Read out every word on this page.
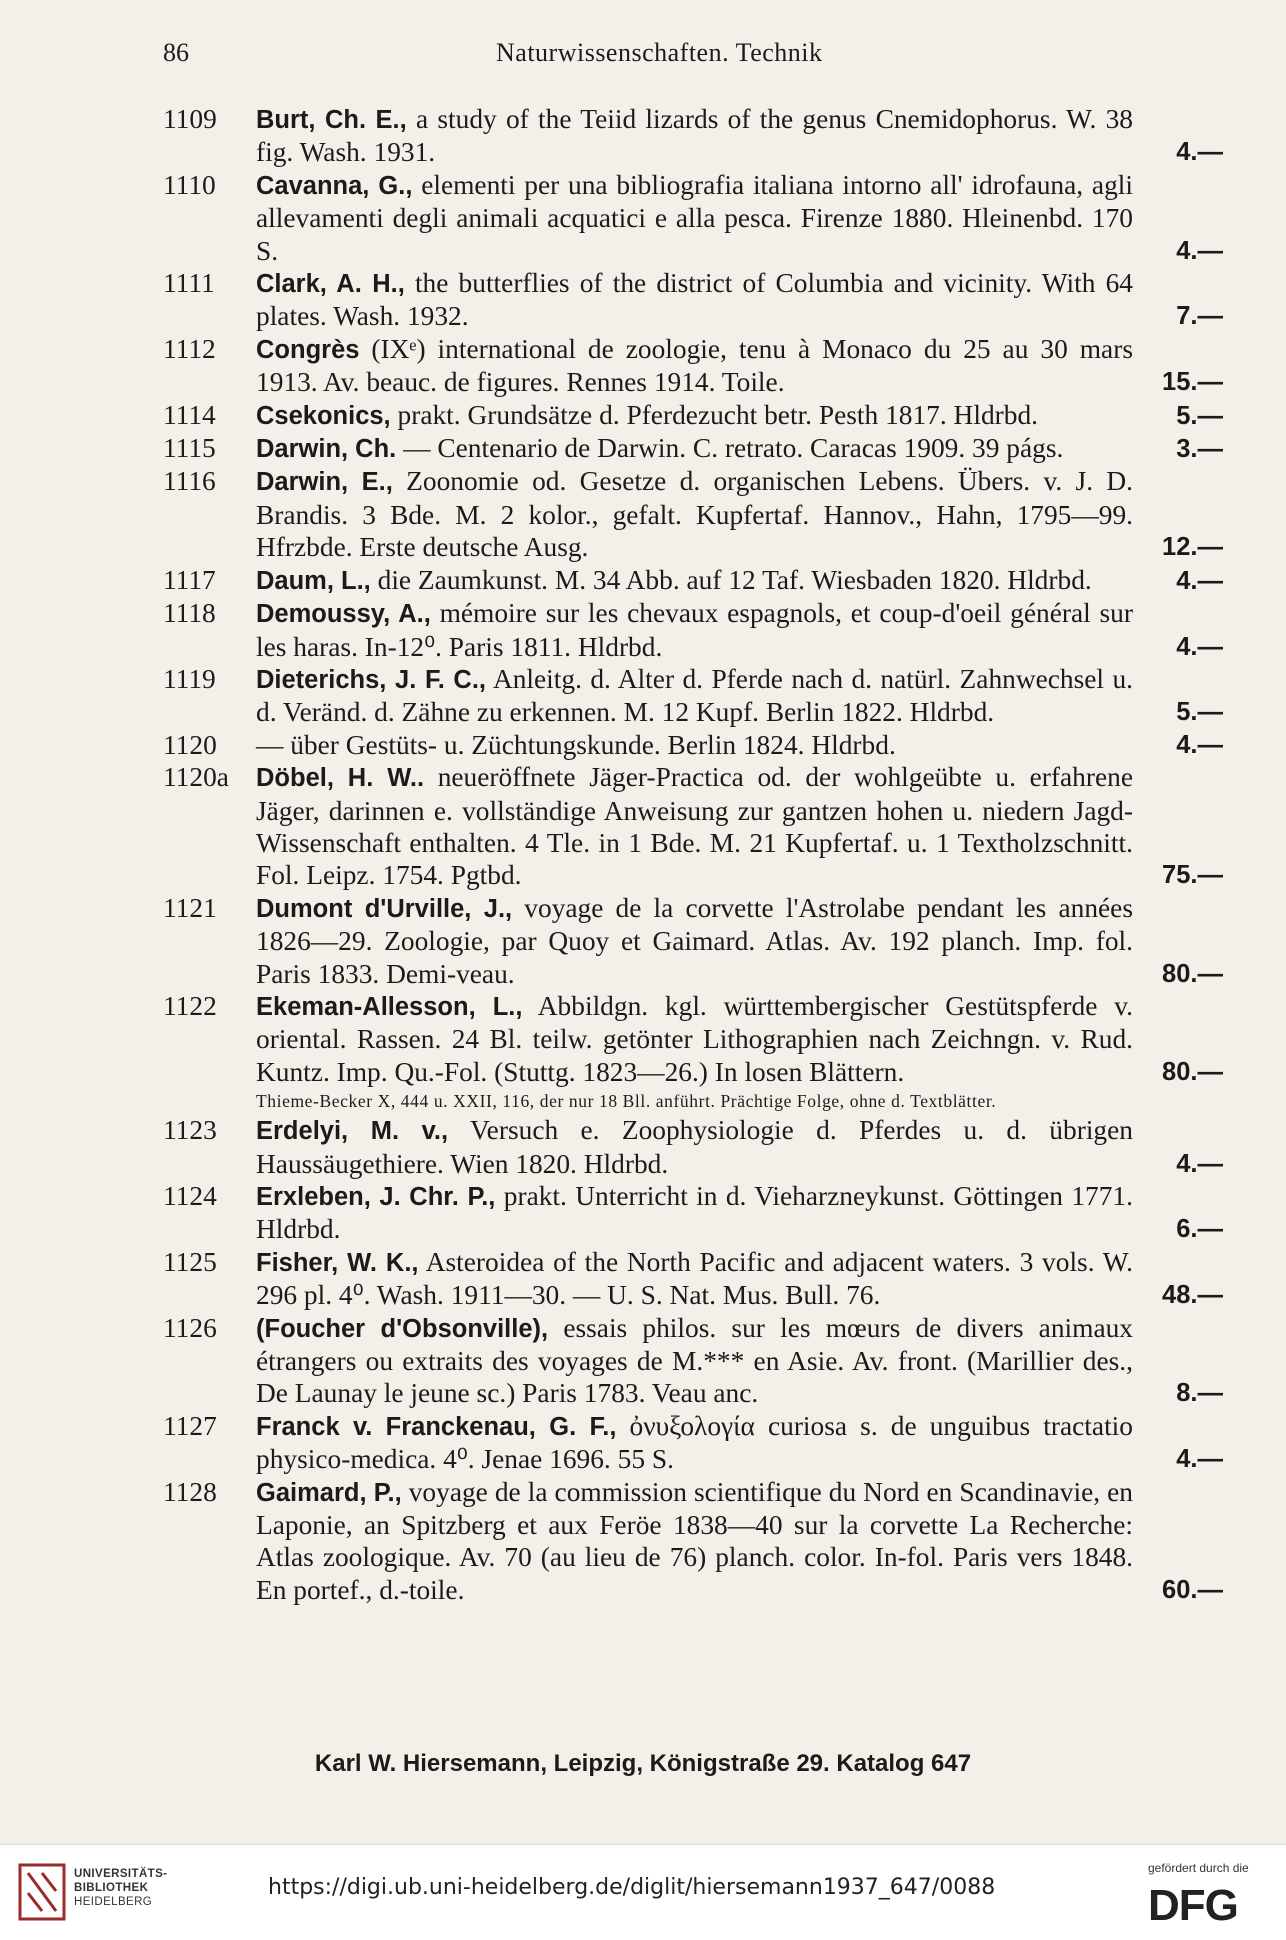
86	Naturwissenschaften. Technik
1109 Burt, Ch. E., a study of the Teiid lizards of the genus Cnemidophorus. W. 38 fig. Wash. 1931.	4.—
1110 Cavanna, G., elementi per una bibliografia italiana intorno all' idrofauna, agli allevamenti degli animali acquatici e alla pesca. Firenze 1880. Hleinenbd. 170 S.	4.—
1111 Clark, A. H., the butterflies of the district of Columbia and vicinity. With 64 plates. Wash. 1932.	7.—
1112 Congrès (IXᵉ) international de zoologie, tenu à Monaco du 25 au 30 mars 1913. Av. beauc. de figures. Rennes 1914. Toile.	15.—
1114 Csekonics, prakt. Grundsätze d. Pferdezucht betr. Pesth 1817. Hldrbd.	5.—
1115 Darwin, Ch. — Centenario de Darwin. C. retrato. Caracas 1909. 39 págs.	3.—
1116 Darwin, E., Zoonomie od. Gesetze d. organischen Lebens. Übers. v. J. D. Brandis. 3 Bde. M. 2 kolor., gefalt. Kupfertaf. Hannov., Hahn, 1795—99. Hfrzbde. Erste deutsche Ausg.	12.—
1117 Daum, L., die Zaumkunst. M. 34 Abb. auf 12 Taf. Wiesbaden 1820. Hldrbd.	4.—
1118 Demoussy, A., mémoire sur les chevaux espagnols, et coup-d'oeil général sur les haras. In-12⁰. Paris 1811. Hldrbd.	4.—
1119 Dieterichs, J. F. C., Anleitg. d. Alter d. Pferde nach d. natürl. Zahnwechsel u. d. Veränd. d. Zähne zu erkennen. M. 12 Kupf. Berlin 1822. Hldrbd.	5.—
1120 — über Gestüts- u. Züchtungskunde. Berlin 1824. Hldrbd.	4.—
1120a Döbel, H. W.. neueröffnete Jäger-Practica od. der wohlgeübte u. erfahrene Jäger, darinnen e. vollständige Anweisung zur gantzen hohen u. niedern Jagd-Wissenschaft enthalten. 4 Tle. in 1 Bde. M. 21 Kupfertaf. u. 1 Textholzschnitt. Fol. Leipz. 1754. Pgtbd.	75.—
1121 Dumont d'Urville, J., voyage de la corvette l'Astrolabe pendant les années 1826—29. Zoologie, par Quoy et Gaimard. Atlas. Av. 192 planch. Imp. fol. Paris 1833. Demi-veau.	80.—
1122 Ekeman-Allesson, L., Abbildgn. kgl. württembergischer Gestütspferde v. oriental. Rassen. 24 Bl. teilw. getönter Lithographien nach Zeichngn. v. Rud. Kuntz. Imp. Qu.-Fol. (Stuttg. 1823—26.) In losen Blättern.	80.—
Thieme-Becker X, 444 u. XXII, 116, der nur 18 Bll. anführt. Prächtige Folge, ohne d. Textblätter.
1123 Erdelyi, M. v., Versuch e. Zoophysiologie d. Pferdes u. d. übrigen Haussäugethiere. Wien 1820. Hldrbd.	4.—
1124 Erxleben, J. Chr. P., prakt. Unterricht in d. Vieharzneykunst. Göttingen 1771. Hldrbd.	6.—
1125 Fisher, W. K., Asteroidea of the North Pacific and adjacent waters. 3 vols. W. 296 pl. 4⁰. Wash. 1911—30. — U. S. Nat. Mus. Bull. 76.	48.—
1126 (Foucher d'Obsonville), essais philos. sur les mœurs de divers animaux étrangers ou extraits des voyages de M.*** en Asie. Av. front. (Marillier des., De Launay le jeune sc.) Paris 1783. Veau anc.	8.—
1127 Franck v. Franckenau, G. F., ὀνυξολογία curiosa s. de unguibus tractatio physico-medica. 4⁰. Jenae 1696. 55 S.	4.—
1128 Gaimard, P., voyage de la commission scientifique du Nord en Scandinavie, en Laponie, an Spitzberg et aux Feröe 1838—40 sur la corvette La Recherche: Atlas zoologique. Av. 70 (au lieu de 76) planch. color. In-fol. Paris vers 1848. En portef., d.-toile.	60.—
Karl W. Hiersemann, Leipzig, Königstraße 29. Katalog 647
UNIVERSITÄTS-
BIBLIOTHEK
HEIDELBERG
https://digi.ub.uni-heidelberg.de/diglit/hiersemann1937_647/0088
gefördert durch die
DFG
